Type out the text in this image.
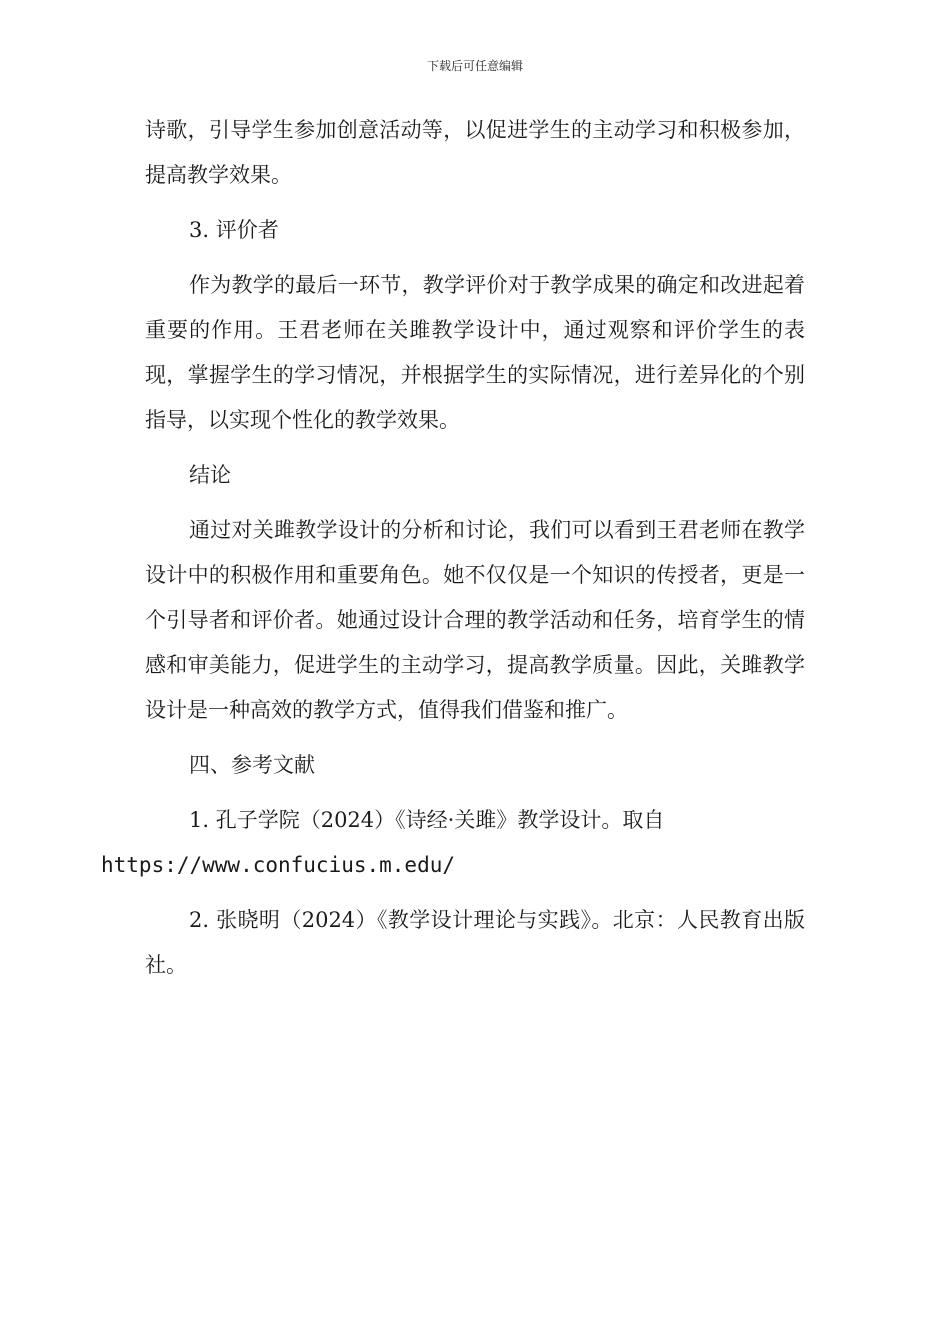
下载后可任意编辑

诗歌，引导学生参加创意活动等，以促进学生的主动学习和积极参加，提高教学效果。

3. 评价者

作为教学的最后一环节，教学评价对于教学成果的确定和改进起着重要的作用。王君老师在关雎教学设计中，通过观察和评价学生的表现，掌握学生的学习情况，并根据学生的实际情况，进行差异化的个别指导，以实现个性化的教学效果。

结论

通过对关雎教学设计的分析和讨论，我们可以看到王君老师在教学设计中的积极作用和重要角色。她不仅仅是一个知识的传授者，更是一个引导者和评价者。她通过设计合理的教学活动和任务，培育学生的情感和审美能力，促进学生的主动学习，提高教学质量。因此，关雎教学设计是一种高效的教学方式，值得我们借鉴和推广。

四、参考文献

1. 孔子学院（2024）《诗经·关雎》教学设计。取自
https://www.confucius.m.edu/

2. 张晓明（2024）《教学设计理论与实践》。北京：人民教育出版社。
